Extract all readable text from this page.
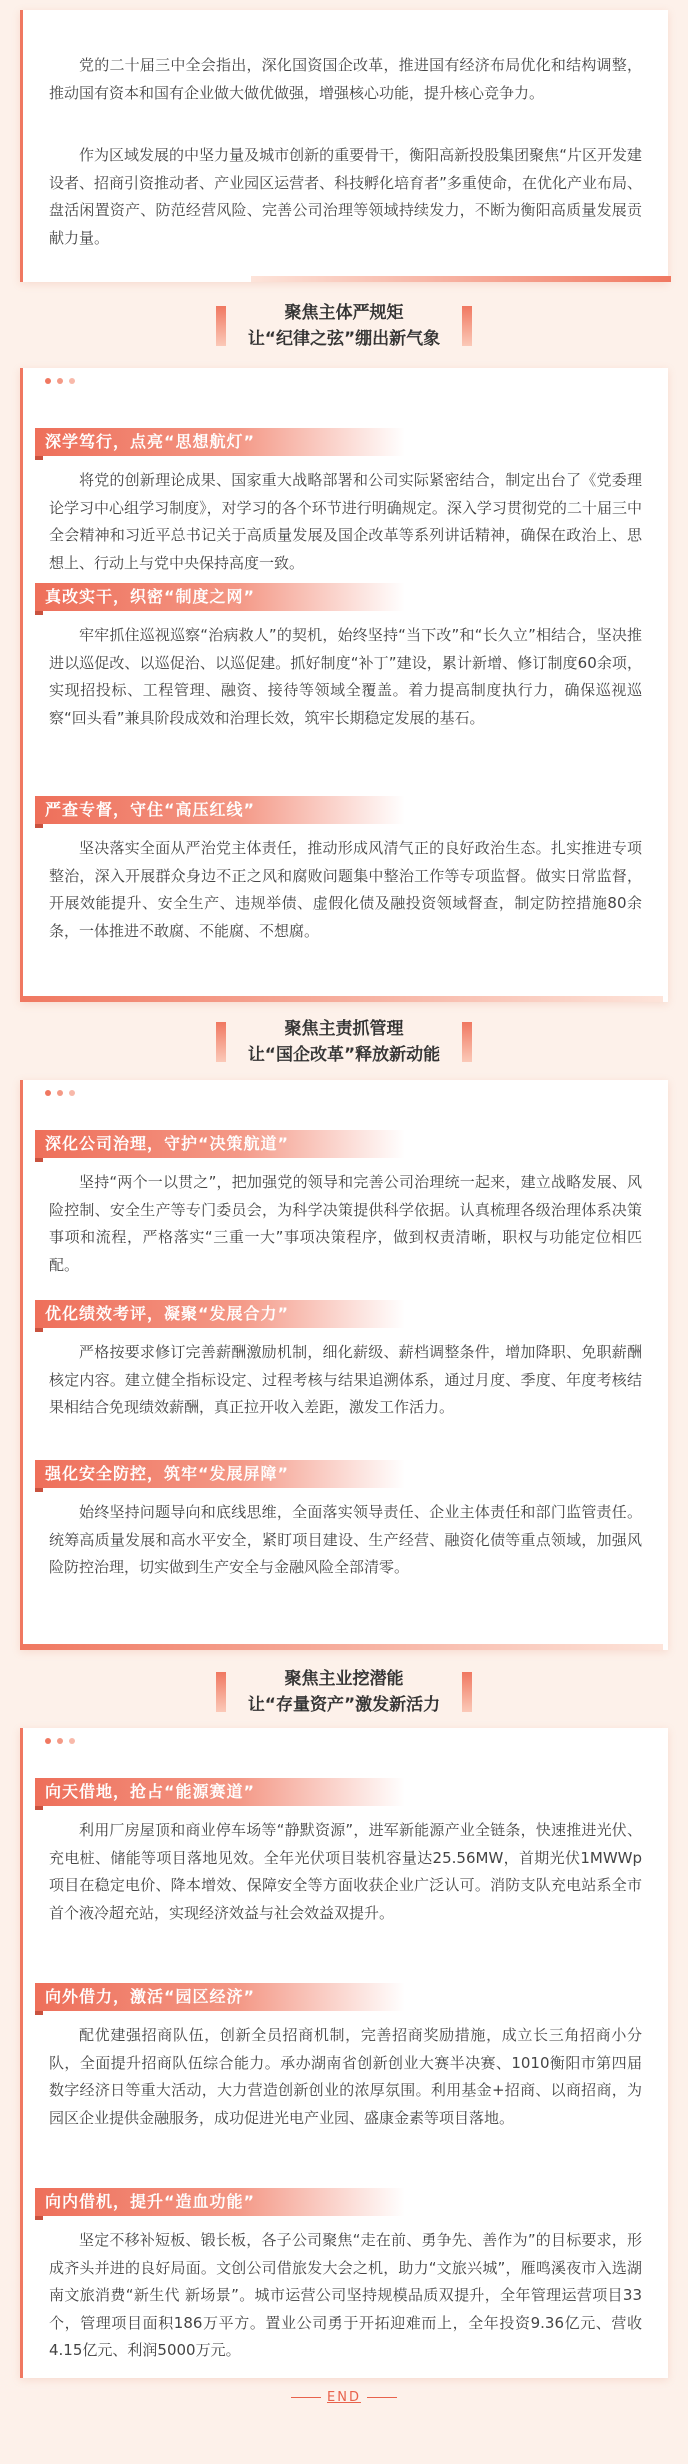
党的二十届三中全会指出，深化国资国企改革，推进国有经济布局优化和结构调整，推动国有资本和国有企业做大做优做强，增强核心功能，提升核心竞争力。

作为区域发展的中坚力量及城市创新的重要骨干，衡阳高新投股集团聚焦“片区开发建设者、招商引资推动者、产业园区运营者、科技孵化培育者”多重使命，在优化产业布局、盘活闲置资产、防范经营风险、完善公司治理等领域持续发力，不断为衡阳高质量发展贡献力量。

聚焦主体严规矩
让“纪律之弦”绷出新气象
深学笃行，点亮“思想航灯”

将党的创新理论成果、国家重大战略部署和公司实际紧密结合，制定出台了《党委理论学习中心组学习制度》，对学习的各个环节进行明确规定。深入学习贯彻党的二十届三中全会精神和习近平总书记关于高质量发展及国企改革等系列讲话精神，确保在政治上、思想上、行动上与党中央保持高度一致。

真改实干，织密“制度之网”

牢牢抓住巡视巡察“治病救人”的契机，始终坚持“当下改”和“长久立”相结合，坚决推进以巡促改、以巡促治、以巡促建。抓好制度“补丁”建设，累计新增、修订制度60余项，实现招投标、工程管理、融资、接待等领域全覆盖。着力提高制度执行力，确保巡视巡察“回头看”兼具阶段成效和治理长效，筑牢长期稳定发展的基石。

严查专督，守住“高压红线”

坚决落实全面从严治党主体责任，推动形成风清气正的良好政治生态。扎实推进专项整治，深入开展群众身边不正之风和腐败问题集中整治工作等专项监督。做实日常监督，开展效能提升、安全生产、违规举债、虚假化债及融投资领域督查，制定防控措施80余条，一体推进不敢腐、不能腐、不想腐。

聚焦主责抓管理
让“国企改革”释放新动能
深化公司治理，守护“决策航道”

坚持“两个一以贯之”，把加强党的领导和完善公司治理统一起来，建立战略发展、风险控制、安全生产等专门委员会，为科学决策提供科学依据。认真梳理各级治理体系决策事项和流程，严格落实“三重一大”事项决策程序，做到权责清晰，职权与功能定位相匹配。

优化绩效考评，凝聚“发展合力”

严格按要求修订完善薪酬激励机制，细化薪级、薪档调整条件，增加降职、免职薪酬核定内容。建立健全指标设定、过程考核与结果追溯体系，通过月度、季度、年度考核结果相结合免现绩效薪酬，真正拉开收入差距，激发工作活力。

强化安全防控，筑牢“发展屏障”

始终坚持问题导向和底线思维，全面落实领导责任、企业主体责任和部门监管责任。统筹高质量发展和高水平安全，紧盯项目建设、生产经营、融资化债等重点领域，加强风险防控治理，切实做到生产安全与金融风险全部清零。

聚焦主业挖潜能
让“存量资产”激发新活力
向天借地，抢占“能源赛道”

利用厂房屋顶和商业停车场等“静默资源”，进军新能源产业全链条，快速推进光伏、充电桩、储能等项目落地见效。全年光伏项目装机容量达25.56MW，首期光伏1MWWp项目在稳定电价、降本增效、保障安全等方面收获企业广泛认可。消防支队充电站系全市首个液冷超充站，实现经济效益与社会效益双提升。

向外借力，激活“园区经济”

配优建强招商队伍，创新全员招商机制，完善招商奖励措施，成立长三角招商小分队，全面提升招商队伍综合能力。承办湖南省创新创业大赛半决赛、1010衡阳市第四届数字经济日等重大活动，大力营造创新创业的浓厚氛围。利用基金+招商、以商招商，为园区企业提供金融服务，成功促进光电产业园、盛康金素等项目落地。

向内借机，提升“造血功能”

坚定不移补短板、锻长板，各子公司聚焦“走在前、勇争先、善作为”的目标要求，形成齐头并进的良好局面。文创公司借旅发大会之机，助力“文旅兴城”，雁鸣溪夜市入选湖南文旅消费“新生代 新场景”。城市运营公司坚持规模品质双提升，全年管理运营项目33个，管理项目面积186万平方。置业公司勇于开拓迎难而上，全年投资9.36亿元、营收4.15亿元、利润5000万元。

END
